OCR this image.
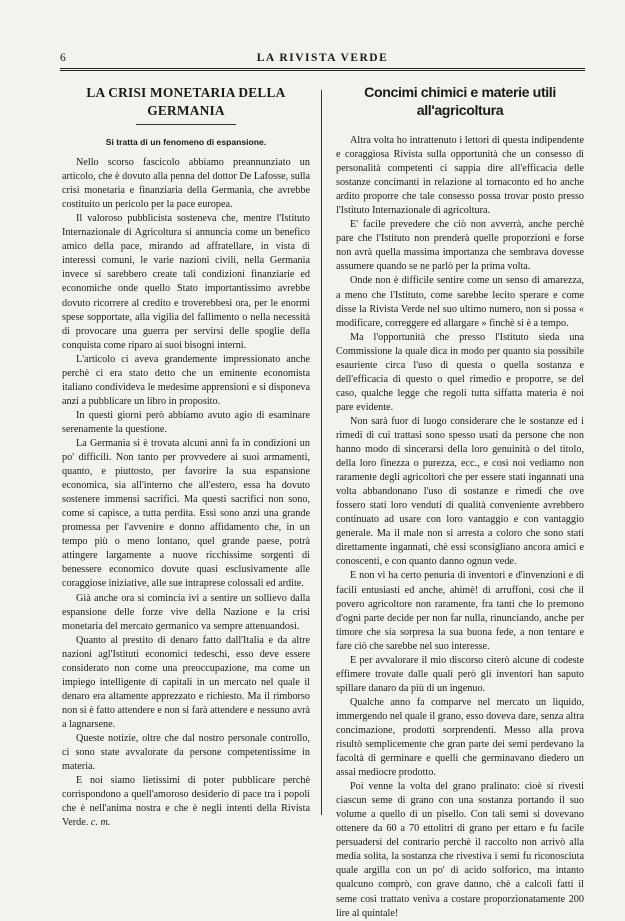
6	LA RIVISTA VERDE
LA CRISI MONETARIA DELLA GERMANIA
Si tratta di un fenomeno di espansione.

Nello scorso fascicolo abbiamo preannunziato un articolo, che è dovuto alla penna del dottor De Lafosse, sulla crisi monetaria e finanziaria della Germania, che avrebbe costituito un pericolo per la pace europea.

Il valoroso pubblicista sosteneva che, mentre l'Istituto Internazionale di Agricoltura si annuncia come un benefico amico della pace, mirando ad affratellare, in vista di interessi comuni, le varie nazioni civili, nella Germania invece si sarebbero create tali condizioni finanziarie ed economiche onde quello Stato importantissimo avrebbe dovuto ricorrere al credito e troverebbesi ora, per le enormi spese sopportate, alla vigilia del fallimento o nella necessità di provocare una guerra per servirsi delle spoglie della conquista come riparo ai suoi bisogni interni.

L'articolo ci aveva grandemente impressionato anche perchè ci era stato detto che un eminente economista italiano condivideva le medesime apprensioni e si disponeva anzi a pubblicare un libro in proposito.

In questi giorni però abbiamo avuto agio di esaminare serenamente la questione.

La Germania si è trovata alcuni anni fa in condizioni un po' difficili. Non tanto per provvedere ai suoi armamenti, quanto, e piuttosto, per favorire la sua espansione economica, sia all'interno che all'estero, essa ha dovuto sostenere immensi sacrifici. Ma questi sacrifici non sono, come si capisce, a tutta perdita. Essi sono anzi una grande promessa per l'avvenire e donno affidamento che, in un tempo più o meno lontano, quel grande paese, potrà attingere largamente a nuove ricchissime sorgenti di benessere economico dovute quasi esclusivamente alle coraggiose iniziative, alle sue intraprese colossali ed ardite.

Già anche ora si comincia ivi a sentire un sollievo dalla espansione delle forze vive della Nazione e la crisi monetaria del mercato germanico va sempre attenuandosi.

Quanto al prestito di denaro fatto dall'Italia e da altre nazioni agl'Istituti economici tedeschi, esso deve essere considerato non come una preoccupazione, ma come un impiego intelligente di capitali in un mercato nel quale il denaro era altamente apprezzato e richiesto. Ma il rimborso non si è fatto attendere e non si farà attendere e nessuno avrà a lagnarsene.

Queste notizie, oltre che dal nostro personale controllo, ci sono state avvalorate da persone competentissime in materia.

E noi siamo lietissimi di poter pubblicare perchè corrispondono a quell'amoroso desiderio di pace tra i popoli che è nell'anima nostra e che è negli intenti della Rivista Verde. c. m.

Concimi chimici e materie utili all'agricoltura

Altra volta ho intrattenuto i lettori di questa indipendente e coraggiosa Rivista sulla opportunità che un consesso di personalità competenti ci sappia dire all'efficacia delle sostanze concimanti in relazione al tornaconto ed ho anche ardito proporre che tale consesso possa trovar posto presso l'Istituto Internazionale di agricoltura.

E' facile prevedere che ciò non avverrà, anche perchè pare che l'Istituto non prenderà quelle proporzioni e forse non avrà quella massima importanza che sembrava dovesse assumere quando se ne parlò per la prima volta.

Onde non è difficile sentire come un senso di amarezza, a meno che l'Istituto, come sarebbe lecito sperare e come disse la Rivista Verde nel suo ultimo numero, non si possa « modificare, correggere ed allargare » finchè si è a tempo.

Ma l'opportunità che presso l'Istituto sieda una Commissione la quale dica in modo per quanto sia possibile esauriente circa l'uso di questa o quella sostanza e dell'efficacia di questo o quel rimedio e proporre, se del caso, qualche legge che regoli tutta siffatta materia è noi pare evidente.

Non sarà fuor di luogo considerare che le sostanze ed i rimedi di cui trattasi sono spesso usati da persone che non hanno modo di sincerarsi della loro genuinità o del titolo, della loro finezza o purezza, ecc., e così noi vediamo non raramente degli agricoltori che per essere stati ingannati una volta abbandonano l'uso di sostanze e rimedi che ove fossero stati loro venduti di qualità conveniente avrebbero continuato ad usare con loro vantaggio e con vantaggio generale. Ma il male non si arresta a coloro che sono stati direttamente ingannati, chè essi sconsigliano ancora amici e conoscenti, e con quanto danno ognun vede.

E non vi ha certo penuria di inventori e d'invenzioni e di facili entusiasti ed anche, ahimè! di arruffoni, così che il povero agricoltore non raramente, fra tanti che lo premono d'ogni parte decide per non far nulla, rinunciando, anche per timore che sia sorpresa la sua buona fede, a non tentare e fare ciò che sarebbe nel suo interesse.

E per avvalorare il mio discorso citerò alcune di codeste effimere trovate dalle quali però gli inventori han saputo spillare danaro da più di un ingenuo.

Qualche anno fa comparve nel mercato un liquido, immergendo nel quale il grano, esso doveva dare, senza altra concimazione, prodotti sorprendenti. Messo alla prova risultò semplicemente che gran parte dei semi perdevano la facoltà di germinare e quelli che germinavano diedero un assai mediocre prodotto.

Poi venne la volta del grano pralinato: cioè si rivesti ciascun seme di grano con una sostanza portando il suo volume a quello di un pisello. Con tali semi si dovevano ottenere da 60 a 70 ettolitri di grano per ettaro e fu facile persuadersi del contrario perchè il raccolto non arrivò alla media solita, la sostanza che rivestiva i semi fu riconosciuta quale argilla con un po' di acido solforico, ma intanto qualcuno comprò, con grave danno, chè a calcoli fatti il seme così trattato veniva a costare proporzionatamente 200 lire al quintale!
